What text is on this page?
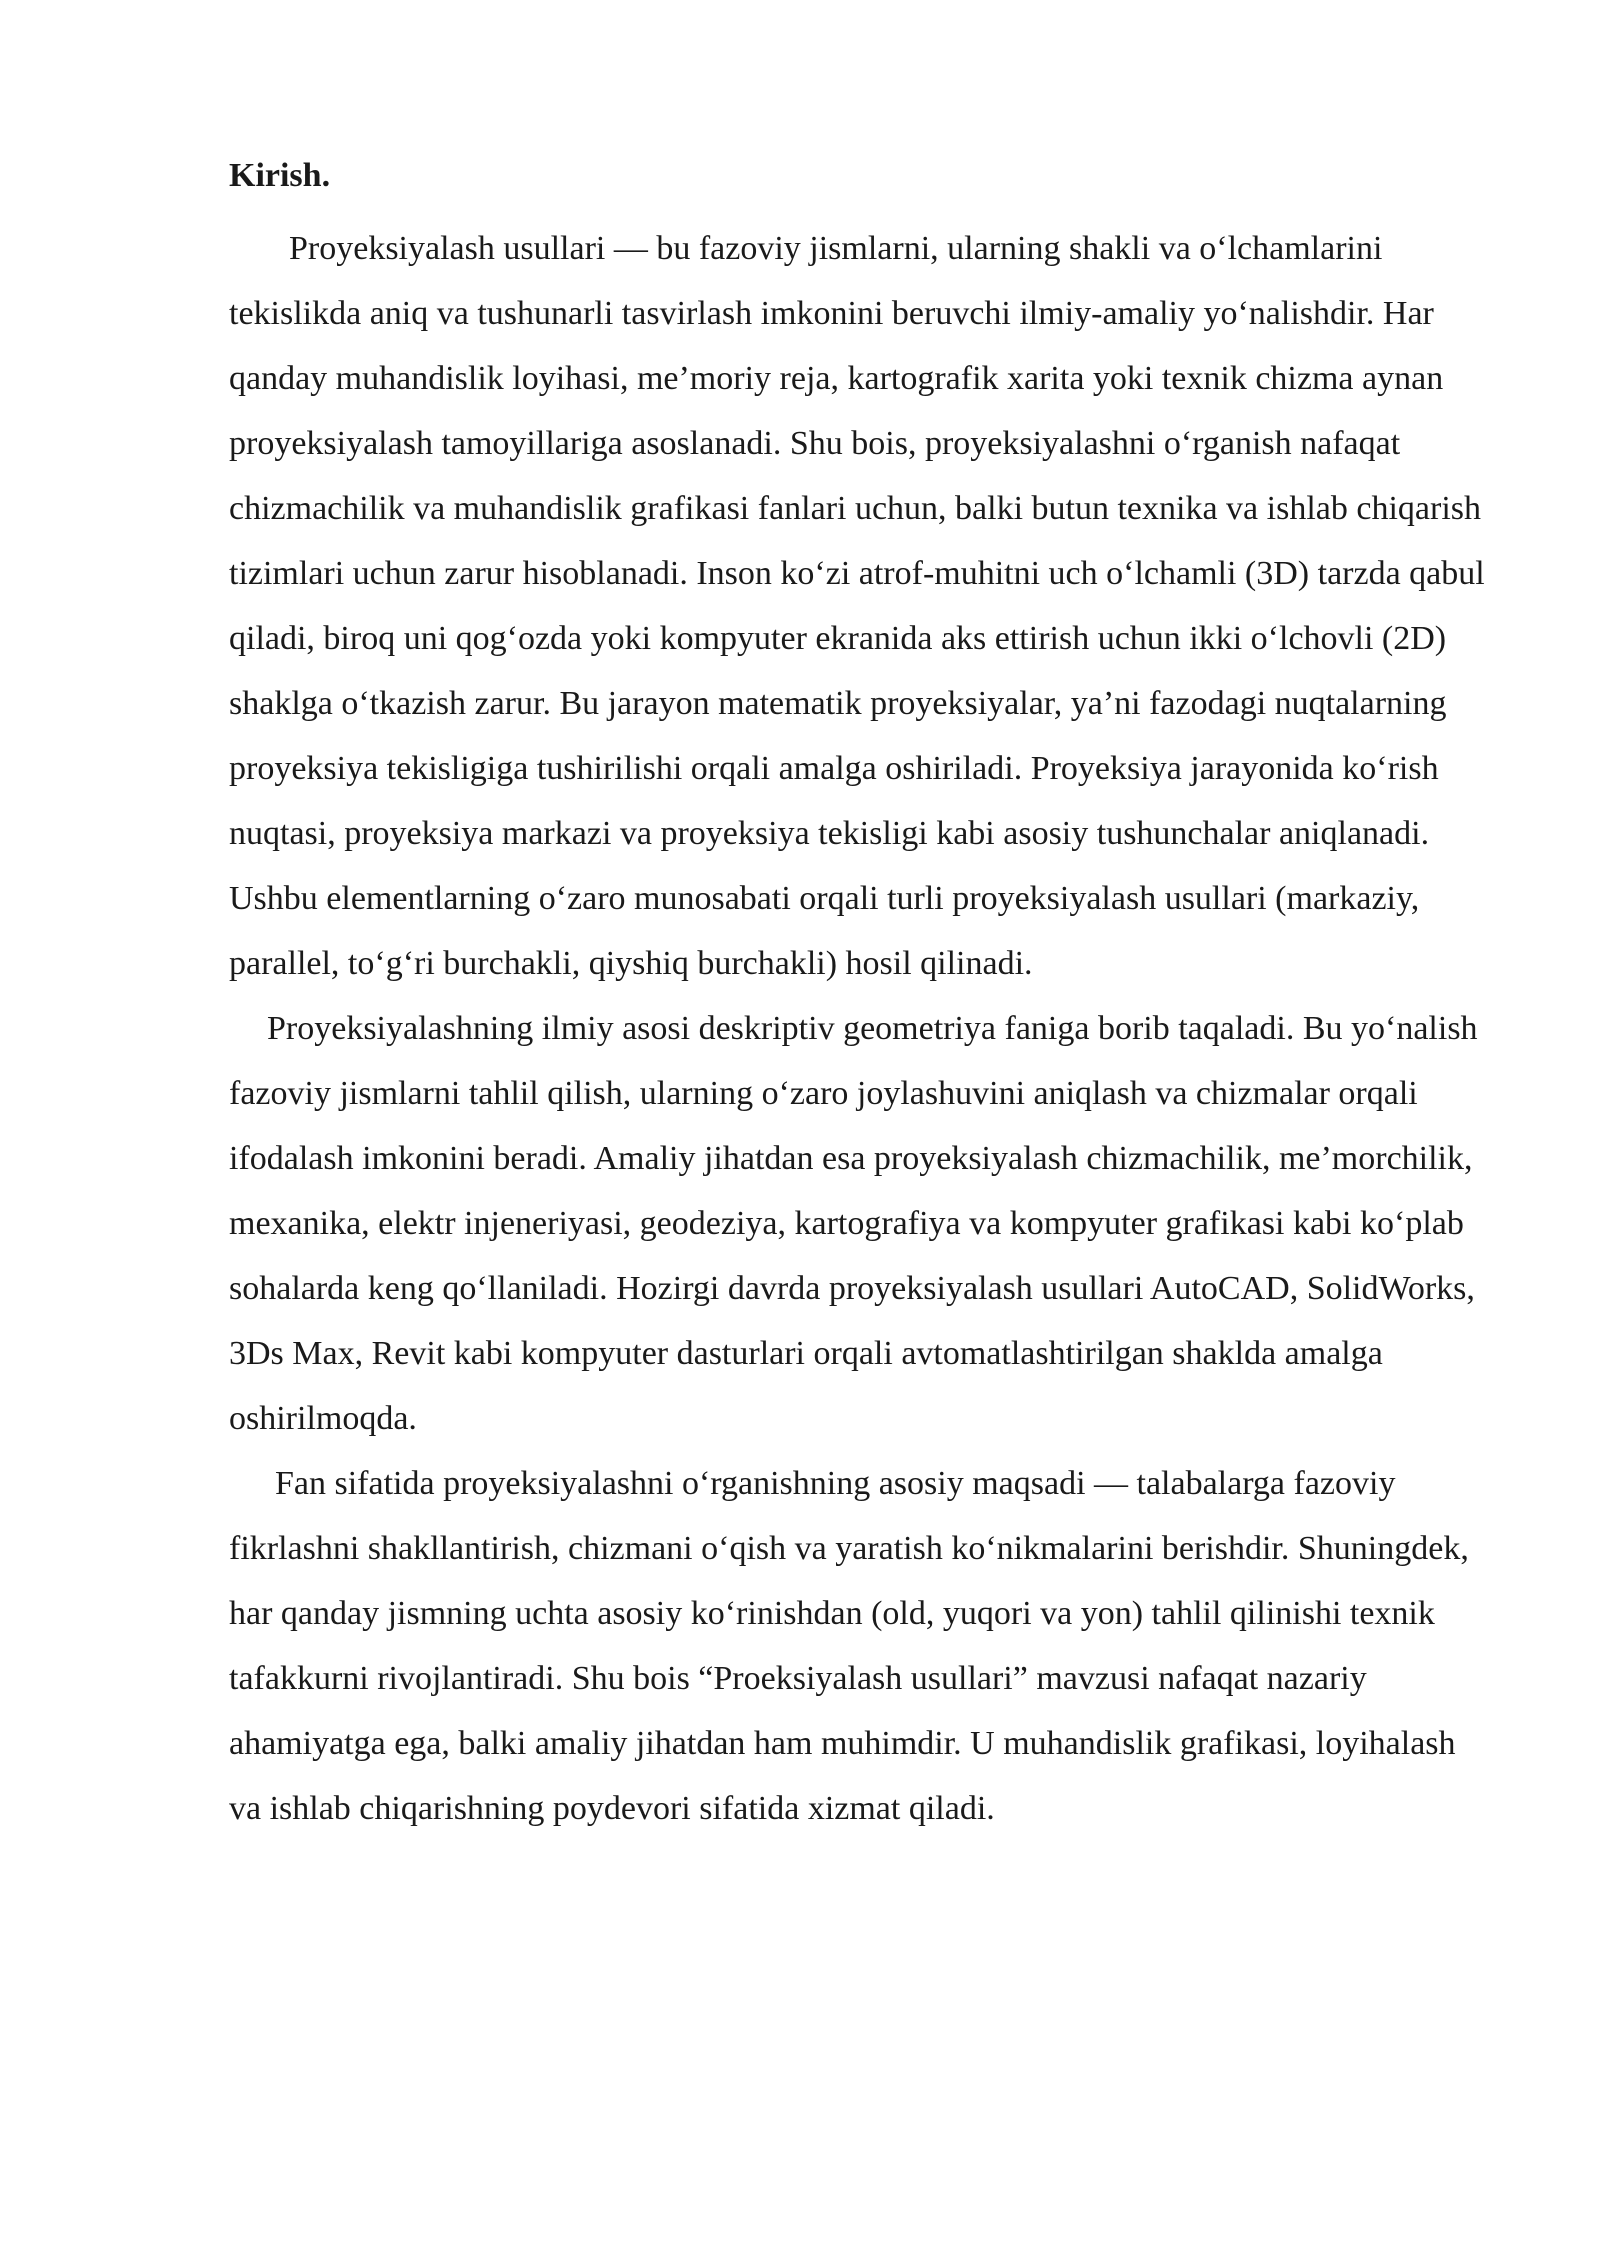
Kirish.

Proyeksiyalash usullari — bu fazoviy jismlarni, ularning shakli va o‘lchamlarini tekislikda aniq va tushunarli tasvirlash imkonini beruvchi ilmiy-amaliy yo‘nalishdir. Har qanday muhandislik loyihasi, me’moriy reja, kartografik xarita yoki texnik chizma aynan proyeksiyalash tamoyillariga asoslanadi. Shu bois, proyeksiyalashni o‘rganish nafaqat chizmachilik va muhandislik grafikasi fanlari uchun, balki butun texnika va ishlab chiqarish tizimlari uchun zarur hisoblanadi. Inson ko‘zi atrof-muhitni uch o‘lchamli (3D) tarzda qabul qiladi, biroq uni qog‘ozda yoki kompyuter ekranida aks ettirish uchun ikki o‘lchovli (2D) shaklga o‘tkazish zarur. Bu jarayon matematik proyeksiyalar, ya’ni fazodagi nuqtalarning proyeksiya tekisligiga tushirilishi orqali amalga oshiriladi. Proyeksiya jarayonida ko‘rish nuqtasi, proyeksiya markazi va proyeksiya tekisligi kabi asosiy tushunchalar aniqlanadi. Ushbu elementlarning o‘zaro munosabati orqali turli proyeksiyalash usullari (markaziy, parallel, to‘g‘ri burchakli, qiyshiq burchakli) hosil qilinadi.

Proyeksiyalashning ilmiy asosi deskriptiv geometriya faniga borib taqaladi. Bu yo‘nalish fazoviy jismlarni tahlil qilish, ularning o‘zaro joylashuvini aniqlash va chizmalar orqali ifodalash imkonini beradi. Amaliy jihatdan esa proyeksiyalash chizmachilik, me’morchilik, mexanika, elektr injeneriyasi, geodeziya, kartografiya va kompyuter grafikasi kabi ko‘plab sohalarda keng qo‘llaniladi. Hozirgi davrda proyeksiyalash usullari AutoCAD, SolidWorks, 3Ds Max, Revit kabi kompyuter dasturlari orqali avtomatlashtirilgan shaklda amalga oshirilmoqda.

Fan sifatida proyeksiyalashni o‘rganishning asosiy maqsadi — talabalarga fazoviy fikrlashni shakllantirish, chizmani o‘qish va yaratish ko‘nikmalarini berishdir. Shuningdek, har qanday jismning uchta asosiy ko‘rinishdan (old, yuqori va yon) tahlil qilinishi texnik tafakkurni rivojlantiradi. Shu bois “Proeksiyalash usullari” mavzusi nafaqat nazariy ahamiyatga ega, balki amaliy jihatdan ham muhimdir. U muhandislik grafikasi, loyihalash va ishlab chiqarishning poydevori sifatida xizmat qiladi.
